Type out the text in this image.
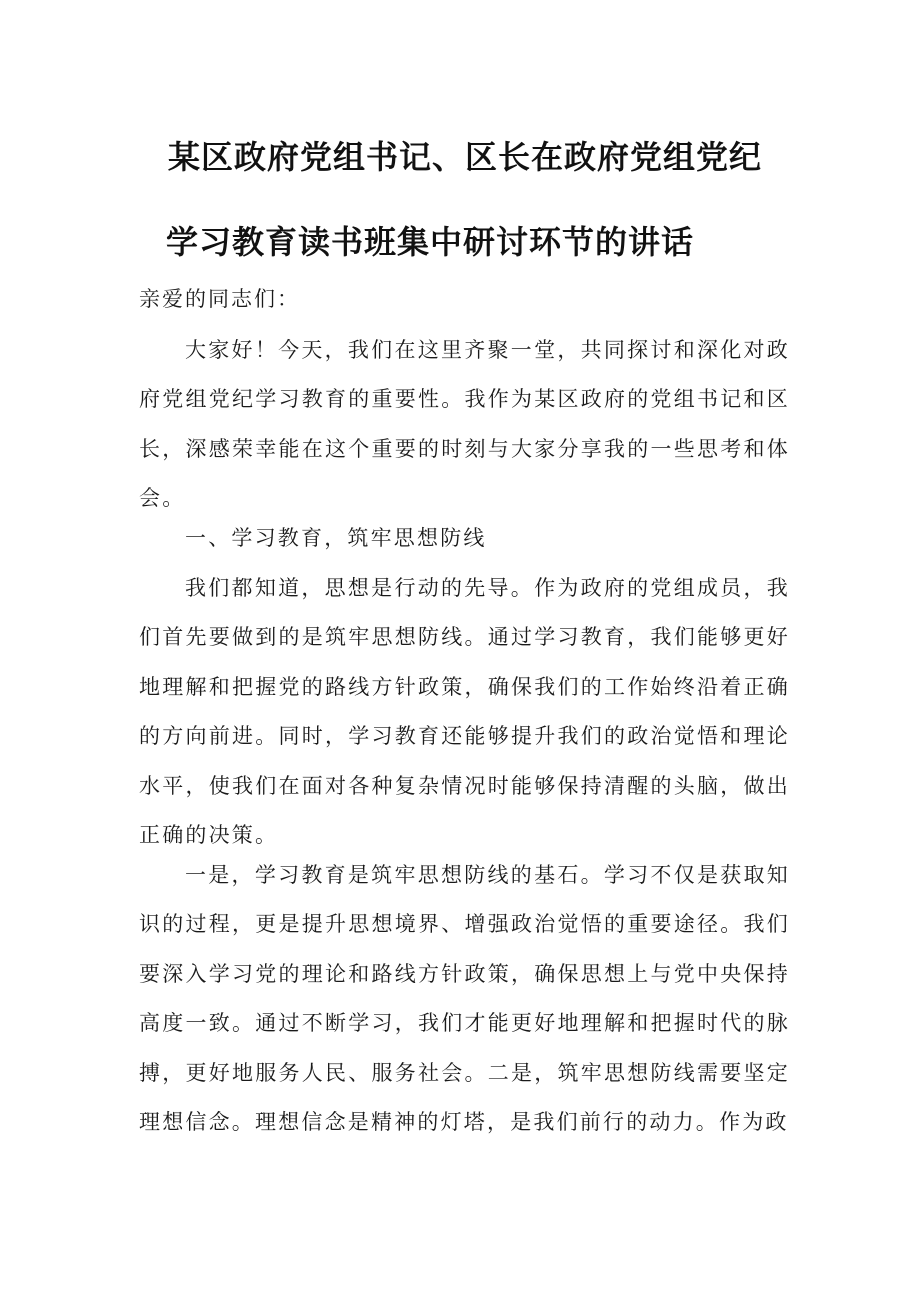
某区政府党组书记、区长在政府党组党纪
学习教育读书班集中研讨环节的讲话

亲爱的同志们：

大家好！今天，我们在这里齐聚一堂，共同探讨和深化对政府党组党纪学习教育的重要性。我作为某区政府的党组书记和区长，深感荣幸能在这个重要的时刻与大家分享我的一些思考和体会。

一、学习教育，筑牢思想防线

我们都知道，思想是行动的先导。作为政府的党组成员，我们首先要做到的是筑牢思想防线。通过学习教育，我们能够更好地理解和把握党的路线方针政策，确保我们的工作始终沿着正确的方向前进。同时，学习教育还能够提升我们的政治觉悟和理论水平，使我们在面对各种复杂情况时能够保持清醒的头脑，做出正确的决策。

一是，学习教育是筑牢思想防线的基石。学习不仅是获取知识的过程，更是提升思想境界、增强政治觉悟的重要途径。我们要深入学习党的理论和路线方针政策，确保思想上与党中央保持高度一致。通过不断学习，我们才能更好地理解和把握时代的脉搏，更好地服务人民、服务社会。二是，筑牢思想防线需要坚定理想信念。理想信念是精神的灯塔，是我们前行的动力。作为政
